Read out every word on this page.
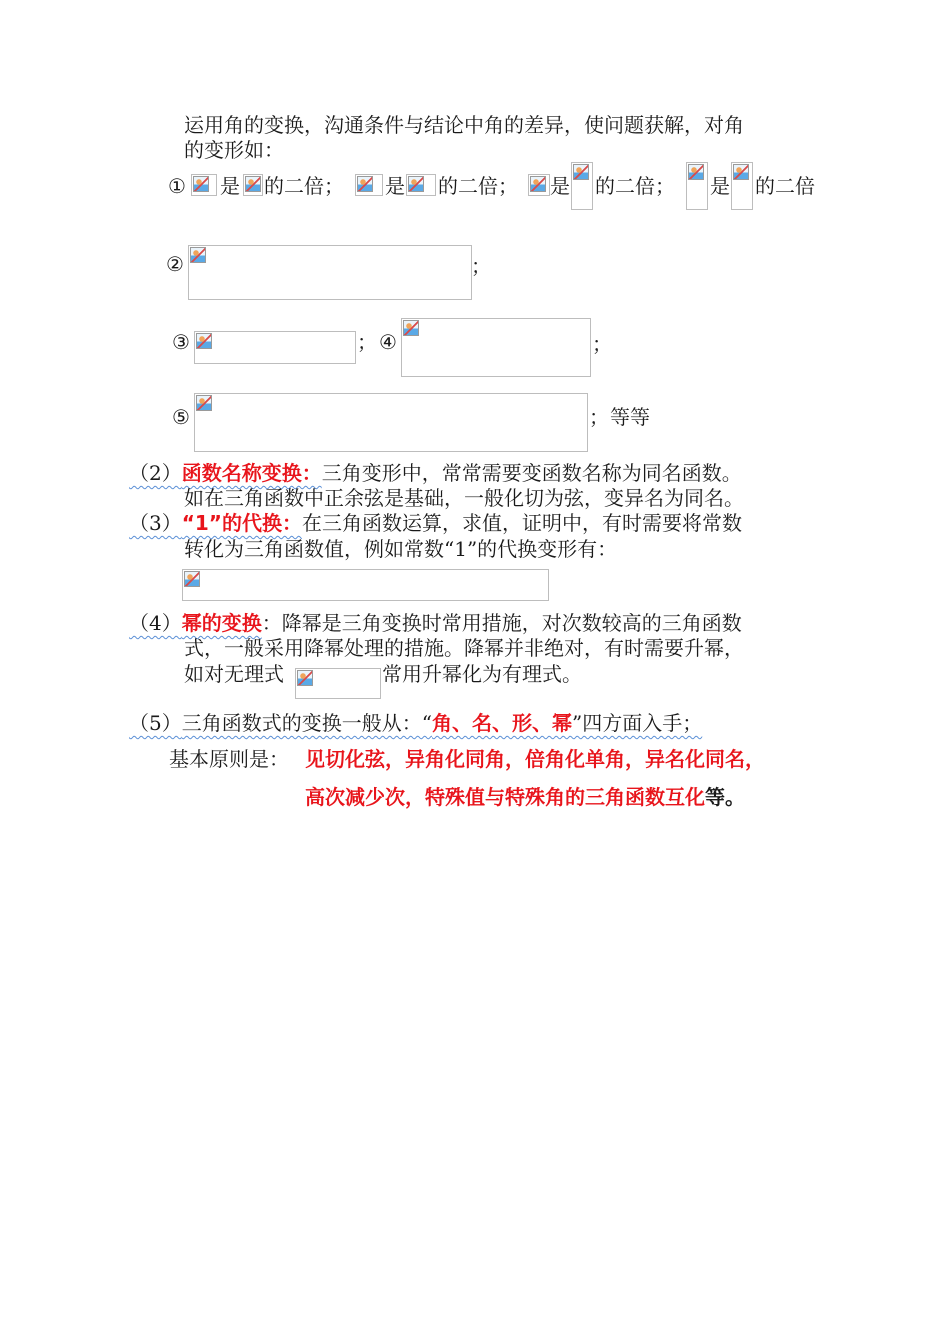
运用角的变换，沟通条件与结论中角的差异，使问题获解，对角
的变形如：
① 是 的二倍； 是 的二倍； 是 的二倍； 是 的二倍
②	；
③	； ④	；
⑤	； 等等
（2）函数名称变换：三角变形中，常常需要变函数名称为同名函数。
如在三角函数中正余弦是基础，一般化切为弦，变异名为同名。
（3）“1”的代换：在三角函数运算，求值，证明中，有时需要将常数
转化为三角函数值，例如常数“1”的代换变形有：
（4）幂的变换：降幂是三角变换时常用措施，对次数较高的三角函数
式，一般采用降幂处理的措施。降幂并非绝对，有时需要升幂，
如对无理式	常用升幂化为有理式。
（5）三角函数式的变换一般从：“角、名、形、幂”四方面入手；
基本原则是： 见切化弦，异角化同角，倍角化单角，异名化同名，
高次减少次，特殊值与特殊角的三角函数互化等。
